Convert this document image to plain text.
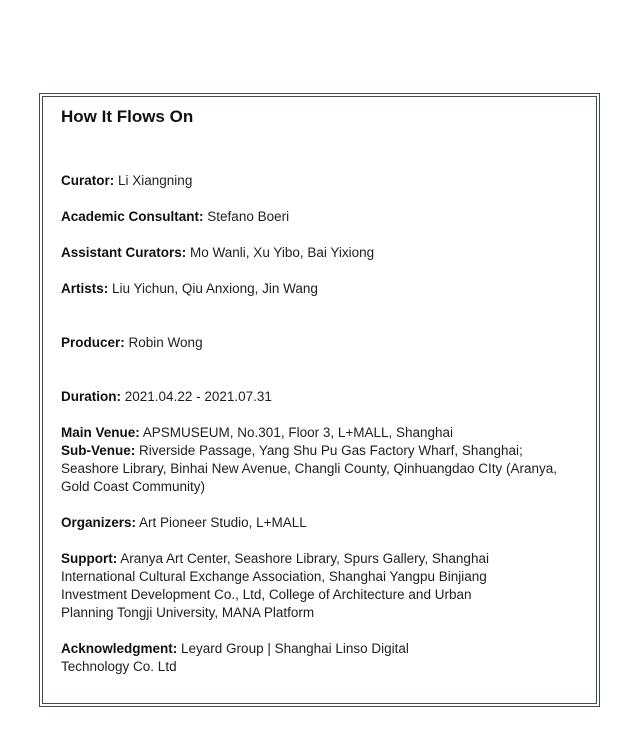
How It Flows On

Curator: Li Xiangning

Academic Consultant: Stefano Boeri

Assistant Curators: Mo Wanli, Xu Yibo, Bai Yixiong

Artists: Liu Yichun, Qiu Anxiong, Jin Wang

Producer: Robin Wong

Duration: 2021.04.22 - 2021.07.31

Main Venue: APSMUSEUM, No.301, Floor 3, L+MALL, Shanghai

Sub-Venue: Riverside Passage, Yang Shu Pu Gas Factory Wharf, Shanghai;
Seashore Library, Binhai New Avenue, Changli County, Qinhuangdao CIty (Aranya,
Gold Coast Community)

Organizers: Art Pioneer Studio, L+MALL

Support: Aranya Art Center, Seashore Library, Spurs Gallery, Shanghai
International Cultural Exchange Association, Shanghai Yangpu Binjiang
Investment Development Co., Ltd, College of Architecture and Urban
Planning Tongji University, MANA Platform

Acknowledgment: Leyard Group | Shanghai Linso Digital
Technology Co. Ltd
